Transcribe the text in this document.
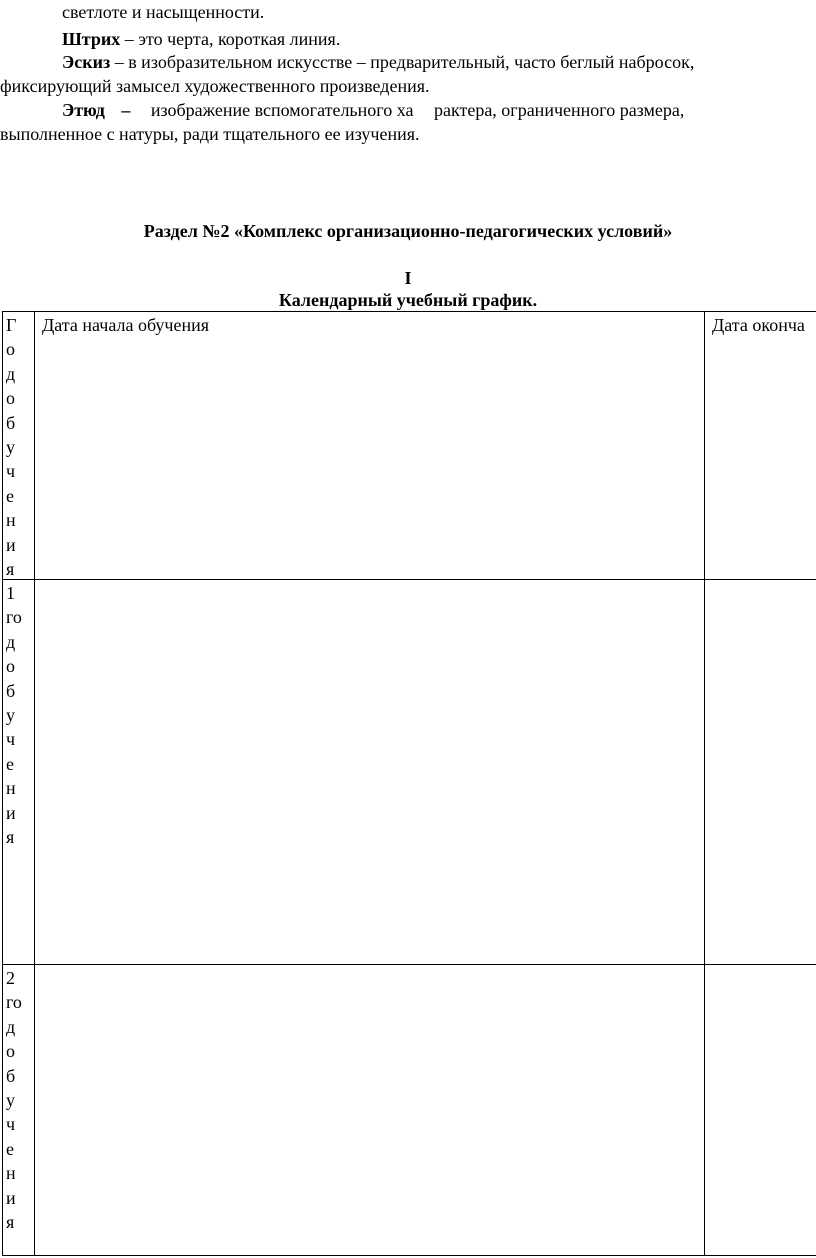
светлоте и насыщенности.
Штрих – это черта, короткая линия.
Эскиз – в изобразительном искусстве – предварительный, часто беглый набросок,
фиксирующий замысел художественного произведения.
Этюд – изображение вспомогательного ха рактера, ограниченного размера,
выполненное с натуры, ради тщательного ее изучения.
Раздел №2 «Комплекс организационно-педагогических условий»
I
Календарный учебный график.
Г
о
д
о
б
у
ч
е
н
и
я
Дата начала обучения	Дата оконча
1
го
д
о
б
у
ч
е
н
и
я
2
го
д
о
б
у
ч
е
н
и
я
